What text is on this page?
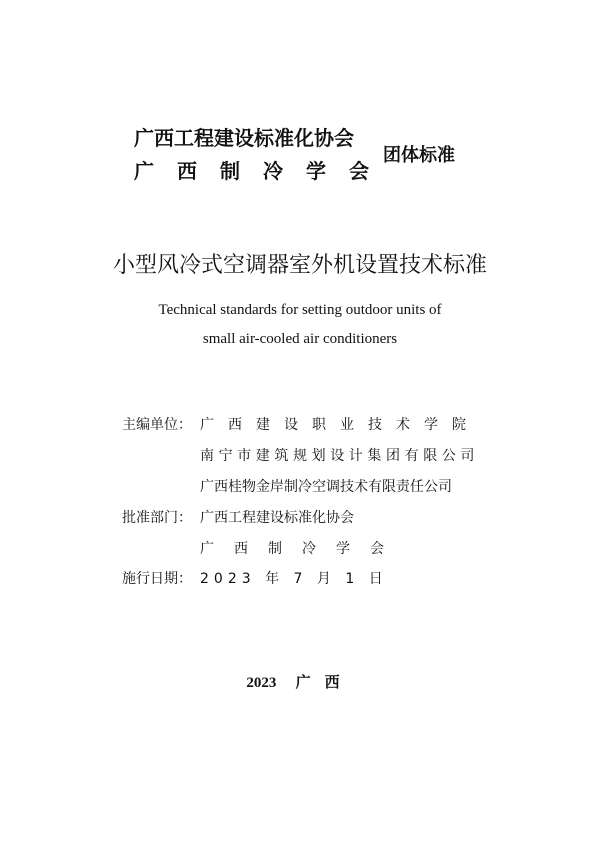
广西工程建设标准化协会
广西制冷学会
团体标准
小型风冷式空调器室外机设置技术标准
Technical standards for setting outdoor units of
small air-cooled air conditioners
主编单位： 广西建设职业技术学院
南宁市建筑规划设计集团有限公司
广西桂物金岸制冷空调技术有限责任公司
批准部门： 广西工程建设标准化协会
广西制冷学会
施行日期： 2023 年 7 月 1 日
2023 广西
